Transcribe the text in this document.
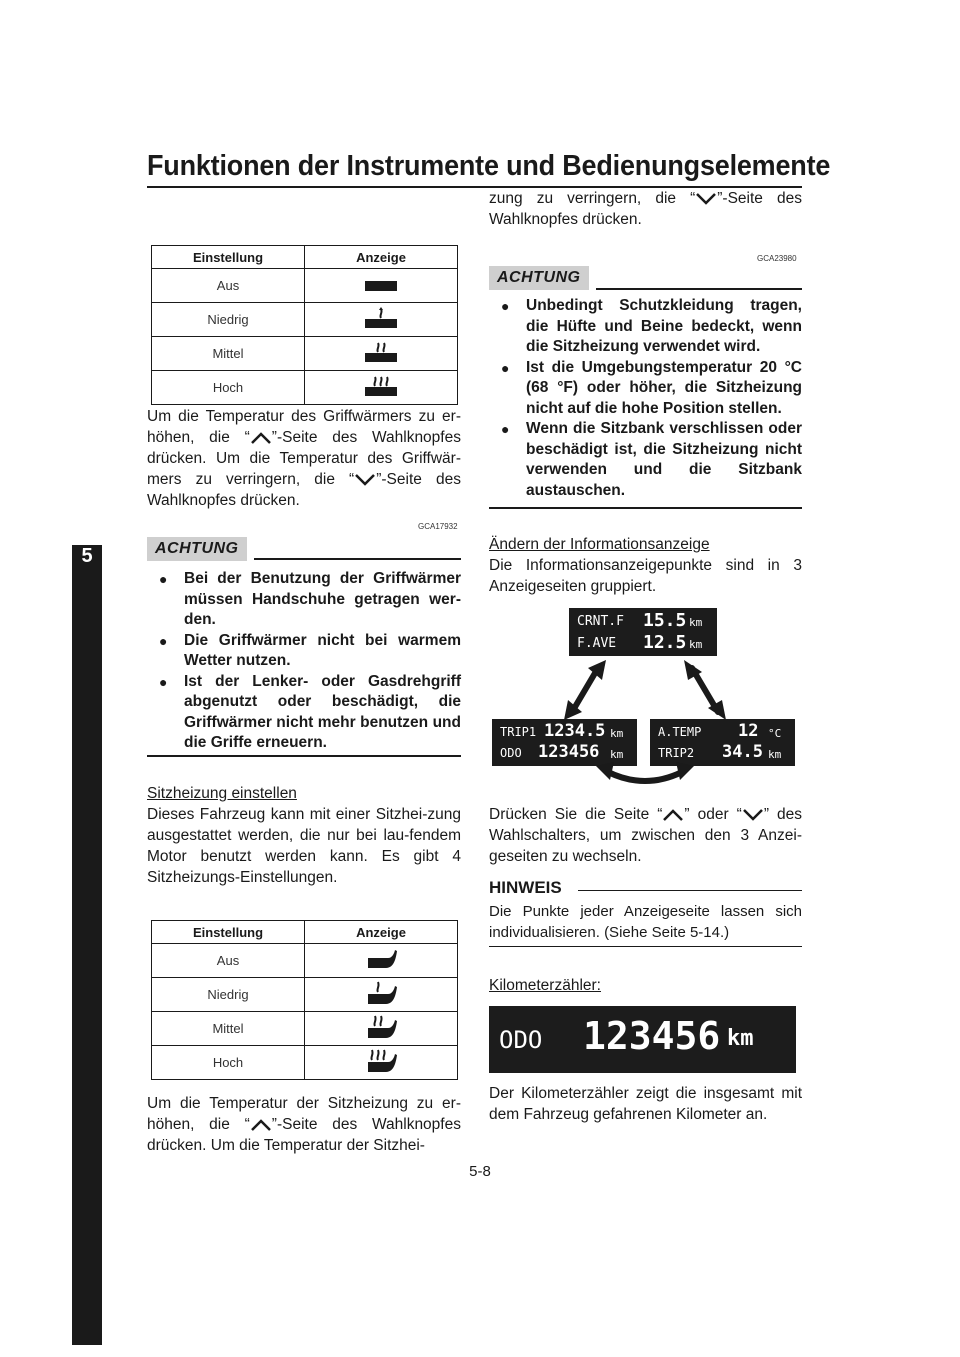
Funktionen der Instrumente und Bedienungselemente
5
5-8
Einstellung	Anzeige
Aus	
Niedrig	
Mittel	
Hoch	
Um die Temperatur des Griffwärmers zu er-höhen, die “ ”-Seite des Wahlknopfes drücken. Um die Temperatur des Griffwär-mers zu verringern, die “ ”-Seite des Wahlknopfes drücken.
GCA17932
ACHTUNG
● Bei der Benutzung der Griffwärmer müssen Handschuhe getragen wer-den.
● Die Griffwärmer nicht bei warmem Wetter nutzen.
● Ist der Lenker- oder Gasdrehgriff abgenutzt oder beschädigt, die Griffwärmer nicht mehr benutzen und die Griffe erneuern.

Sitzheizung einstellen

Dieses Fahrzeug kann mit einer Sitzhei-zung ausgestattet werden, die nur bei lau-fendem Motor benutzt werden kann. Es gibt 4 Sitzheizungs-Einstellungen.

Einstellung	Anzeige
Aus	
Niedrig	
Mittel	
Hoch	
Um die Temperatur der Sitzheizung zu er-höhen, die “ ”-Seite des Wahlknopfes drücken. Um die Temperatur der Sitzhei-
zung zu verringern, die “ ”-Seite des Wahlknopfes drücken.
GCA23980
ACHTUNG
● Unbedingt Schutzkleidung tragen, die Hüfte und Beine bedeckt, wenn die Sitzheizung verwendet wird.
● Ist die Umgebungstemperatur 20 °C (68 °F) oder höher, die Sitzheizung nicht auf die hohe Position stellen.
● Wenn die Sitzbank verschlissen oder beschädigt ist, die Sitzheizung nicht verwenden und die Sitzbank austauschen.

Ändern der Informationsanzeige

Die Informationsanzeigepunkte sind in 3 Anzeigeseiten gruppiert.

CRNT.F 15.5 km
F.AVE 12.5 km
TRIP1 1234.5 km
ODO 123456 km
A.TEMP 12 °C
TRIP2 34.5 km
Drücken Sie die Seite “ ” oder “ ” des Wahlschalters, um zwischen den 3 Anzei-geseiten zu wechseln.
HINWEIS
Die Punkte jeder Anzeigeseite lassen sich individualisieren. (Siehe Seite 5-14.)
Kilometerzähler:
ODO 123456 km
Der Kilometerzähler zeigt die insgesamt mit dem Fahrzeug gefahrenen Kilometer an.
